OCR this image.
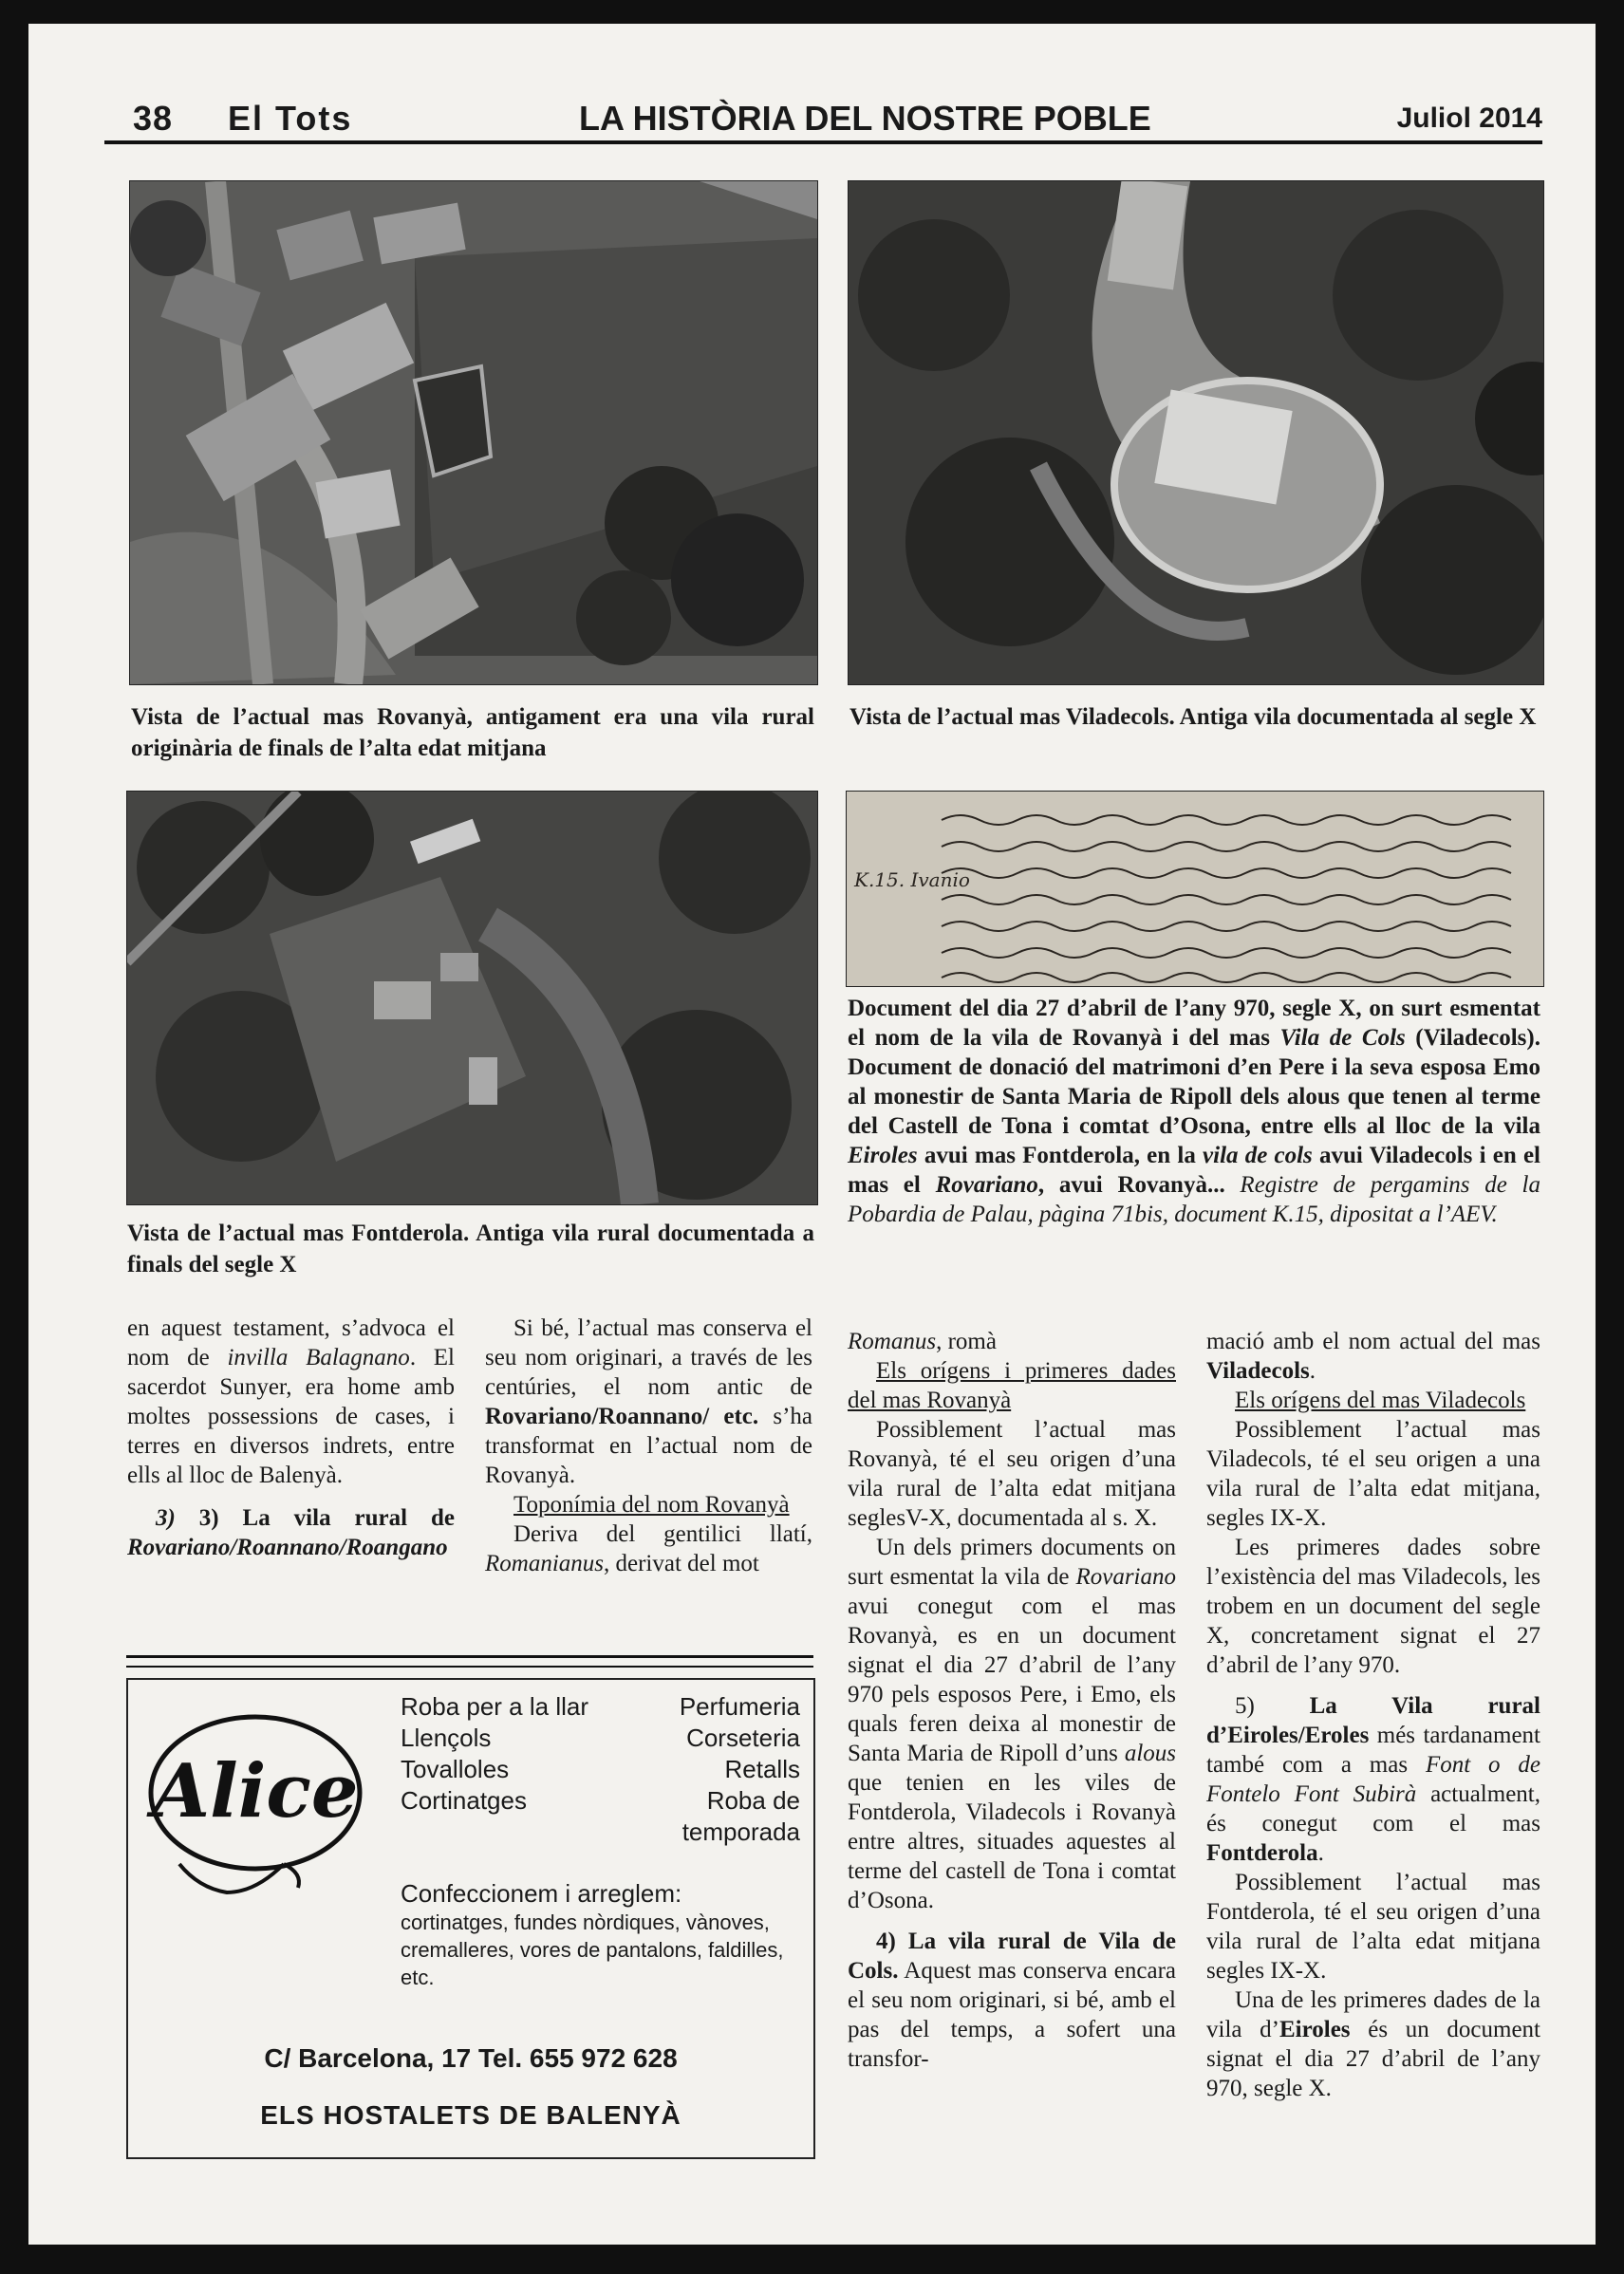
38 El Tots	LA HISTÒRIA DEL NOSTRE POBLE	Juliol 2014
Vista de l’actual mas Rovanyà, antigament era una vila rural originària de finals de l’alta edat mitjana
Vista de l’actual mas Viladecols. Antiga vila documentada al segle X
Vista de l’actual mas Fontderola. Antiga vila rural documentada a finals del segle X
K.15. Ivanio
Document del dia 27 d’abril de l’any 970, segle X, on surt esmentat el nom de la vila de Rovanyà i del mas Vila de Cols (Viladecols). Document de donació del matrimoni d’en Pere i la seva esposa Emo al monestir de Santa Maria de Ripoll dels alous que tenen al terme del Castell de Tona i comtat d’Osona, entre ells al lloc de la vila Eiroles avui mas Fontderola, en la vila de cols avui Viladecols i en el mas el Rovariano, avui Rovanyà... Registre de pergamins de la Pobardia de Palau, pàgina 71bis, document K.15, dipositat a l’AEV.

en aquest testament, s’advoca el nom de invilla Balagnano. El sacerdot Sunyer, era home amb moltes possessions de cases, i terres en diversos indrets, entre ells al lloc de Balenyà.

3) 3) La vila rural de Rovariano/Roannano/Roangano

Si bé, l’actual mas conserva el seu nom originari, a través de les centúries, el nom antic de Rovariano/Roannano/ etc. s’ha transformat en l’actual nom de Rovanyà.

Toponímia del nom Rovanyà

Deriva del gentilici llatí, Romanianus, derivat del mot

Romanus, romà

Els orígens i primeres dades del mas Rovanyà

Possiblement l’actual mas Rovanyà, té el seu origen d’una vila rural de l’alta edat mitjana seglesV-X, documentada al s. X.

Un dels primers documents on surt esmentat la vila de Rovariano avui conegut com el mas Rovanyà, es en un document signat el dia 27 d’abril de l’any 970 pels esposos Pere, i Emo, els quals feren deixa al monestir de Santa Maria de Ripoll d’uns alous que tenien en les viles de Fontderola, Viladecols i Rovanyà entre altres, situades aquestes al terme del castell de Tona i comtat d’Osona.

4) La vila rural de Vila de Cols. Aquest mas conserva encara el seu nom originari, si bé, amb el pas del temps, a sofert una transfor-

mació amb el nom actual del mas Viladecols.

Els orígens del mas Viladecols

Possiblement l’actual mas Viladecols, té el seu origen a una vila rural de l’alta edat mitjana, segles IX-X.

Les primeres dades sobre l’existència del mas Viladecols, les trobem en un document del segle X, concretament signat el 27 d’abril de l’any 970.

5) La Vila rural d’Eiroles/Eroles més tardanament també com a mas Font o de Fontelo Font Subirà actualment, és conegut com el mas Fontderola.

Possiblement l’actual mas Fontderola, té el seu origen d’una vila rural de l’alta edat mitjana segles IX-X.

Una de les primeres dades de la vila d’Eiroles és un document signat el dia 27 d’abril de l’any 970, segle X.

Alice
Roba per a la llar
Llençols
Tovalloles
Cortinatges
Perfumeria
Corseteria
Retalls
Roba de
temporada
Confeccionem i arreglem:
cortinatges, fundes nòrdiques, vànoves, cremalleres, vores de pantalons, faldilles, etc.
C/ Barcelona, 17 Tel. 655 972 628
ELS HOSTALETS DE BALENYÀ
